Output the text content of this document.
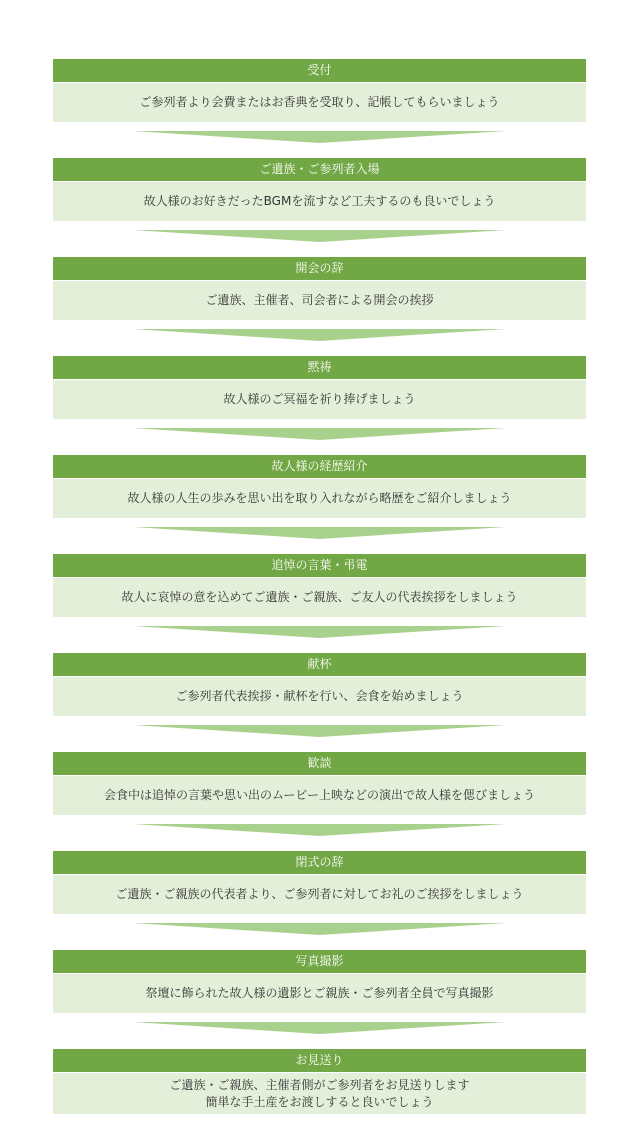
受付
ご参列者より会費またはお香典を受取り、記帳してもらいましょう
ご遺族・ご参列者入場
故人様のお好きだったBGMを流すなど工夫するのも良いでしょう
開会の辞
ご遺族、主催者、司会者による開会の挨拶
黙祷
故人様のご冥福を祈り捧げましょう
故人様の経歴紹介
故人様の人生の歩みを思い出を取り入れながら略歴をご紹介しましょう
追悼の言葉・弔電
故人に哀悼の意を込めてご遺族・ご親族、ご友人の代表挨拶をしましょう
献杯
ご参列者代表挨拶・献杯を行い、会食を始めましょう
歓談
会食中は追悼の言葉や思い出のムービー上映などの演出で故人様を偲びましょう
閉式の辞
ご遺族・ご親族の代表者より、ご参列者に対してお礼のご挨拶をしましょう
写真撮影
祭壇に飾られた故人様の遺影とご親族・ご参列者全員で写真撮影
お見送り
ご遺族・ご親族、主催者側がご参列者をお見送りします
簡単な手土産をお渡しすると良いでしょう
